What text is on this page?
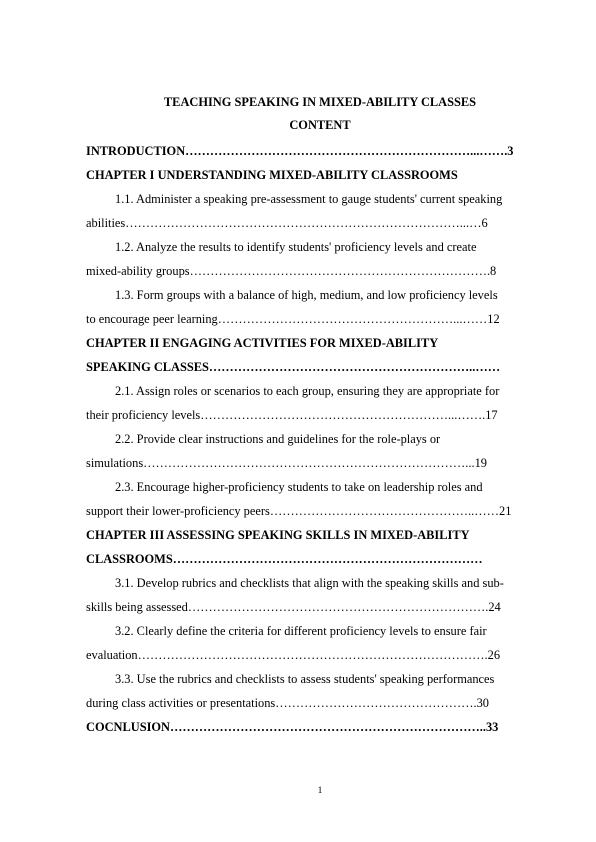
TEACHING SPEAKING IN MIXED-ABILITY CLASSES
CONTENT
INTRODUCTION……………………………………………………………...…….3
CHAPTER I UNDERSTANDING MIXED-ABILITY CLASSROOMS
1.1. Administer a speaking pre-assessment to gauge students' current speaking
abilities………………………………………………………………………...…6
1.2. Analyze the results to identify students' proficiency levels and create
mixed-ability groups……………………………………………………………….8
1.3. Form groups with a balance of high, medium, and low proficiency levels
to encourage peer learning…………………………………………………...……12
CHAPTER II ENGAGING ACTIVITIES FOR MIXED-ABILITY
SPEAKING CLASSES………………………………………………………..……
2.1. Assign roles or scenarios to each group, ensuring they are appropriate for
their proficiency levels……………………………………………………...…….17
2.2. Provide clear instructions and guidelines for the role-plays or
simulations……………………………………………………………………...19
2.3. Encourage higher-proficiency students to take on leadership roles and
support their lower-proficiency peers…………………………………………..……21
CHAPTER III ASSESSING SPEAKING SKILLS IN MIXED-ABILITY
CLASSROOMS…………………………………………………………………
3.1. Develop rubrics and checklists that align with the speaking skills and sub-
skills being assessed……………………………………………………………….24
3.2. Clearly define the criteria for different proficiency levels to ensure fair
evaluation………………………………………………………………………….26
3.3. Use the rubrics and checklists to assess students' speaking performances
during class activities or presentations………………………………………….30
COCNLUSION…………………………………………………………………..33
1
